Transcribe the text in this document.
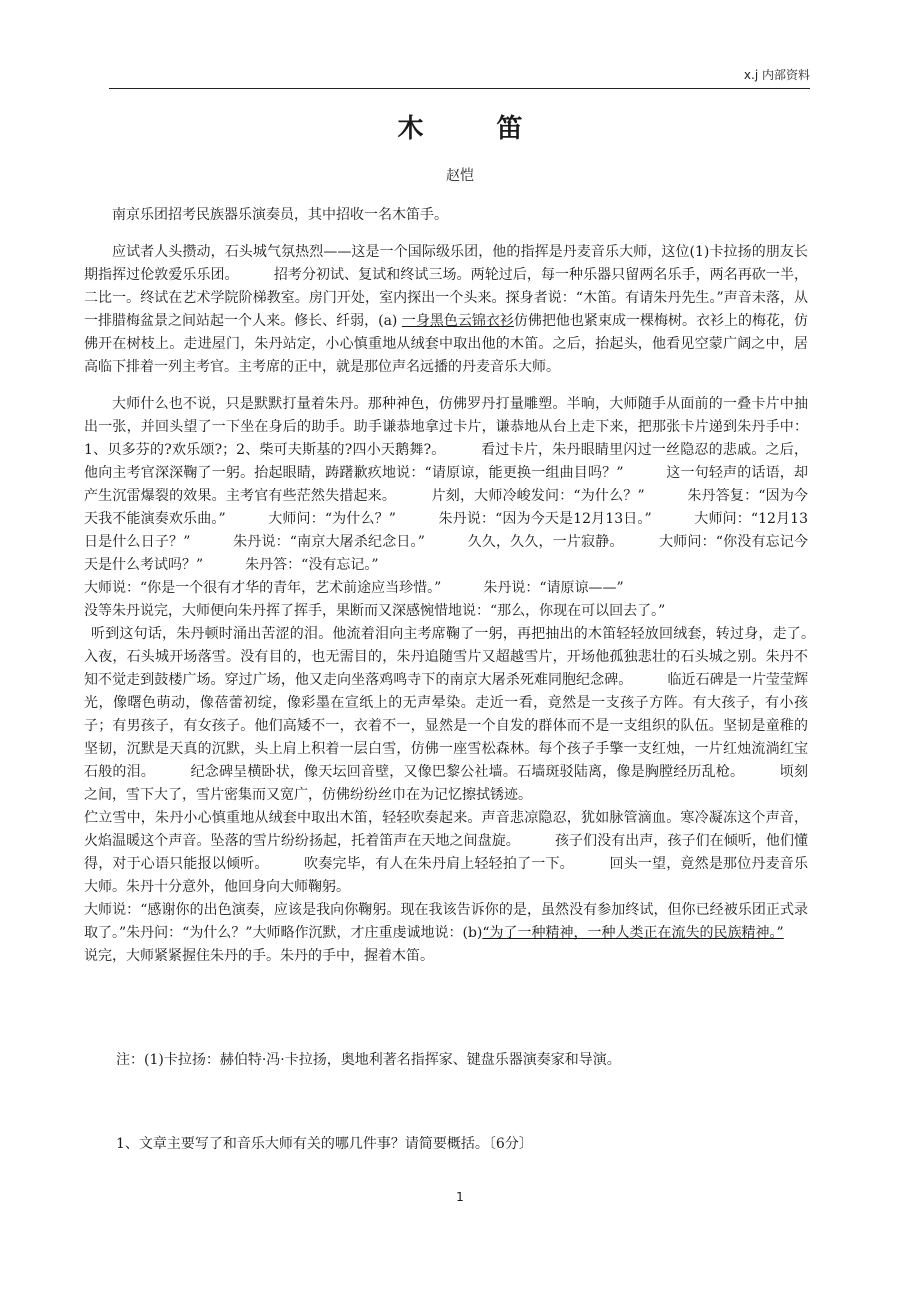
x.j 内部资料
木 笛
赵恺

南京乐团招考民族器乐演奏员，其中招收一名木笛手。

应试者人头攒动，石头城气氛热烈——这是一个国际级乐团，他的指挥是丹麦音乐大师，这位(1)卡拉扬的朋友长期指挥过伦敦爱乐乐团。　　　招考分初试、复试和终试三场。两轮过后，每一种乐器只留两名乐手，两名再砍一半，二比一。终试在艺术学院阶梯教室。房门开处，室内探出一个头来。探身者说：“木笛。有请朱丹先生。”声音未落，从一排腊梅盆景之间站起一个人来。修长、纤弱，(a) 一身黑色云锦衣衫仿佛把他也紧束成一棵梅树。衣衫上的梅花，仿佛开在树枝上。走进屋门，朱丹站定，小心慎重地从绒套中取出他的木笛。之后，抬起头，他看见空蒙广阔之中，居高临下排着一列主考官。主考席的正中，就是那位声名远播的丹麦音乐大师。

大师什么也不说，只是默默打量着朱丹。那种神色，仿佛罗丹打量雕塑。半晌，大师随手从面前的一叠卡片中抽出一张，并回头望了一下坐在身后的助手。助手谦恭地拿过卡片，谦恭地从台上走下来，把那张卡片递到朱丹手中：1、贝多芬的?欢乐颂?；2、柴可夫斯基的?四小天鹅舞?。　　　看过卡片，朱丹眼睛里闪过一丝隐忍的悲戚。之后，他向主考官深深鞠了一躬。抬起眼睛，踌躇歉疚地说：“请原谅，能更换一组曲目吗？”　　　这一句轻声的话语，却产生沉雷爆裂的效果。主考官有些茫然失措起来。　　　片刻，大师冷峻发问：“为什么？”　　　朱丹答复：“因为今天我不能演奏欢乐曲。”　　　大师问：“为什么？”　　　朱丹说：“因为今天是12月13日。”　　　大师问：“12月13日是什么日子？”　　　朱丹说：“南京大屠杀纪念日。”　　　久久，久久，一片寂静。　　　大师问：“你没有忘记今天是什么考试吗？”　　　朱丹答：“没有忘记。”

大师说：“你是一个很有才华的青年，艺术前途应当珍惜。”　　　朱丹说：“请原谅——”

没等朱丹说完，大师便向朱丹挥了挥手，果断而又深感惋惜地说：“那么，你现在可以回去了。”

听到这句话，朱丹顿时涌出苦涩的泪。他流着泪向主考席鞠了一躬，再把抽出的木笛轻轻放回绒套，转过身，走了。　　　入夜，石头城开场落雪。没有目的，也无需目的，朱丹追随雪片又超越雪片，开场他孤独悲壮的石头城之别。朱丹不知不觉走到鼓楼广场。穿过广场，他又走向坐落鸡鸣寺下的南京大屠杀死难同胞纪念碑。　　　临近石碑是一片莹莹辉光，像曙色萌动，像蓓蕾初绽，像彩墨在宣纸上的无声晕染。走近一看，竟然是一支孩子方阵。有大孩子，有小孩子；有男孩子，有女孩子。他们高矮不一，衣着不一，显然是一个自发的群体而不是一支组织的队伍。坚韧是童稚的坚韧，沉默是天真的沉默，头上肩上积着一层白雪，仿佛一座雪松森林。每个孩子手擎一支红烛，一片红烛流淌红宝石般的泪。　　　纪念碑呈横卧状，像天坛回音壁，又像巴黎公社墙。石墙斑驳陆离，像是胸膛经历乱枪。　　　顷刻之间，雪下大了，雪片密集而又宽广，仿佛纷纷丝巾在为记忆擦拭锈迹。

伫立雪中，朱丹小心慎重地从绒套中取出木笛，轻轻吹奏起来。声音悲凉隐忍，犹如脉管滴血。寒冷凝冻这个声音，火焰温暖这个声音。坠落的雪片纷纷扬起，托着笛声在天地之间盘旋。　　　孩子们没有出声，孩子们在倾听，他们懂得，对于心语只能报以倾听。　　　吹奏完毕，有人在朱丹肩上轻轻拍了一下。　　　回头一望，竟然是那位丹麦音乐大师。朱丹十分意外，他回身向大师鞠躬。

大师说：“感谢你的出色演奏，应该是我向你鞠躬。现在我该告诉你的是，虽然没有参加终试，但你已经被乐团正式录取了。”朱丹问：“为什么？”大师略作沉默，才庄重虔诚地说：(b)“为了一种精神，一种人类正在流失的民族精神。”　　　说完，大师紧紧握住朱丹的手。朱丹的手中，握着木笛。

注：(1)卡拉扬：赫伯特·冯·卡拉扬，奥地利著名指挥家、键盘乐器演奏家和导演。
1、文章主要写了和音乐大师有关的哪几件事？请简要概括。〔6分〕
1
